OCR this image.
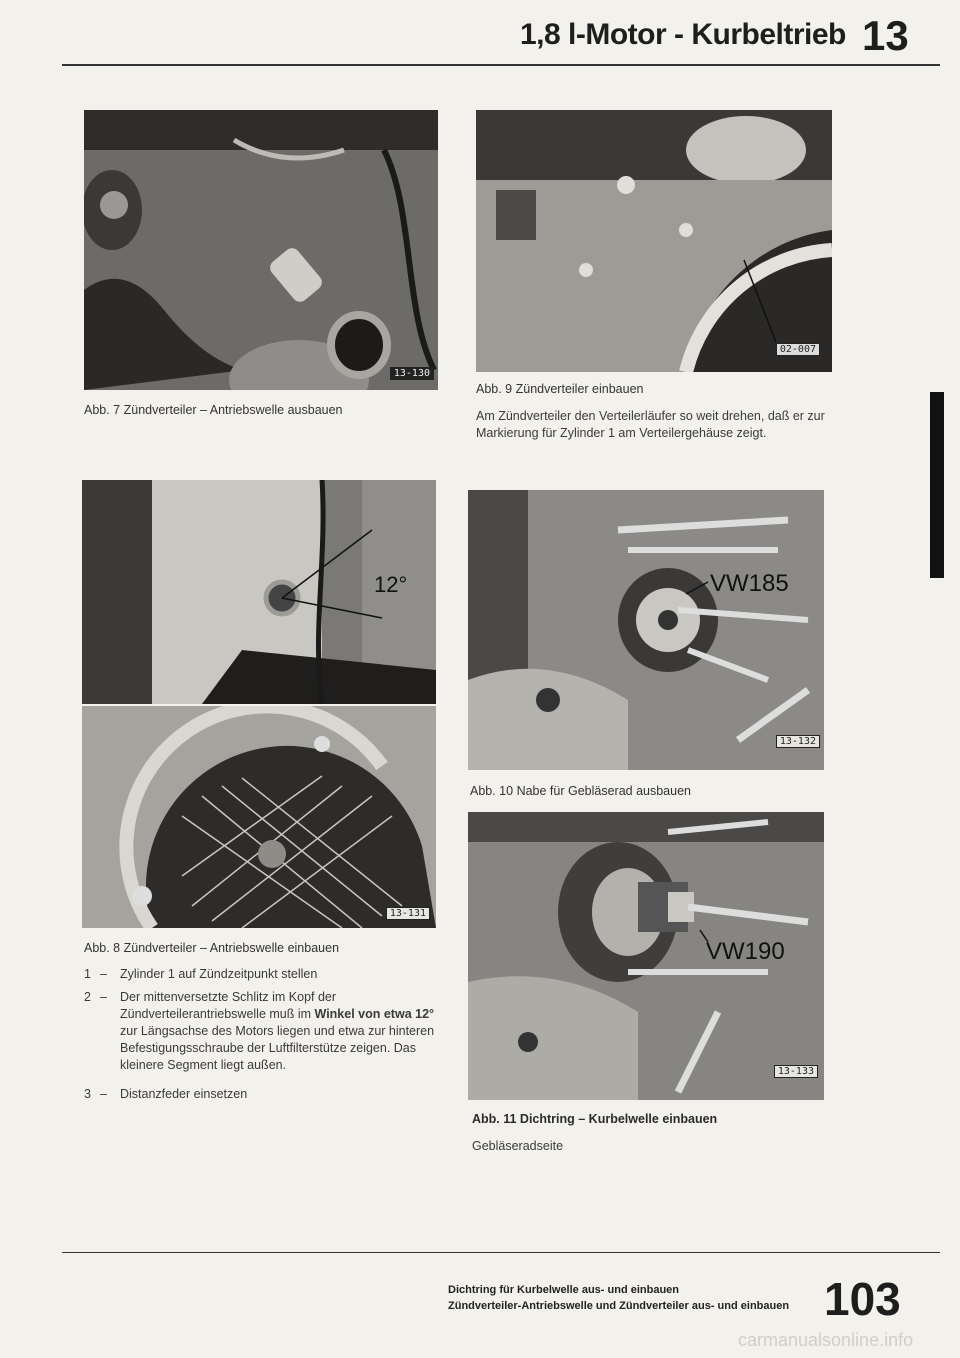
1,8 l-Motor - Kurbeltrieb 13
13-130
Abb. 7 Zündverteiler – Antriebswelle ausbauen
12°
13-131
Abb. 8 Zündverteiler – Antriebswelle einbauen
1 – Zylinder 1 auf Zündzeitpunkt stellen
2 – Der mittenversetzte Schlitz im Kopf der Zündverteilerantriebswelle muß im Winkel von etwa 12° zur Längsachse des Motors liegen und etwa zur hinteren Befestigungsschraube der Luftfilterstütze zeigen. Das kleinere Segment liegt außen.
3 – Distanzfeder einsetzen
02-007
Abb. 9 Zündverteiler einbauen
Am Zündverteiler den Verteilerläufer so weit drehen, daß er zur Markierung für Zylinder 1 am Verteilergehäuse zeigt.
VW185
13-132
Abb. 10 Nabe für Gebläserad ausbauen
VW190
13-133
Abb. 11 Dichtring – Kurbelwelle einbauen
Gebläseradseite
Dichtring für Kurbelwelle aus- und einbauen
Zündverteiler-Antriebswelle und Zündverteiler aus- und einbauen 103
carmanualsonline.info
